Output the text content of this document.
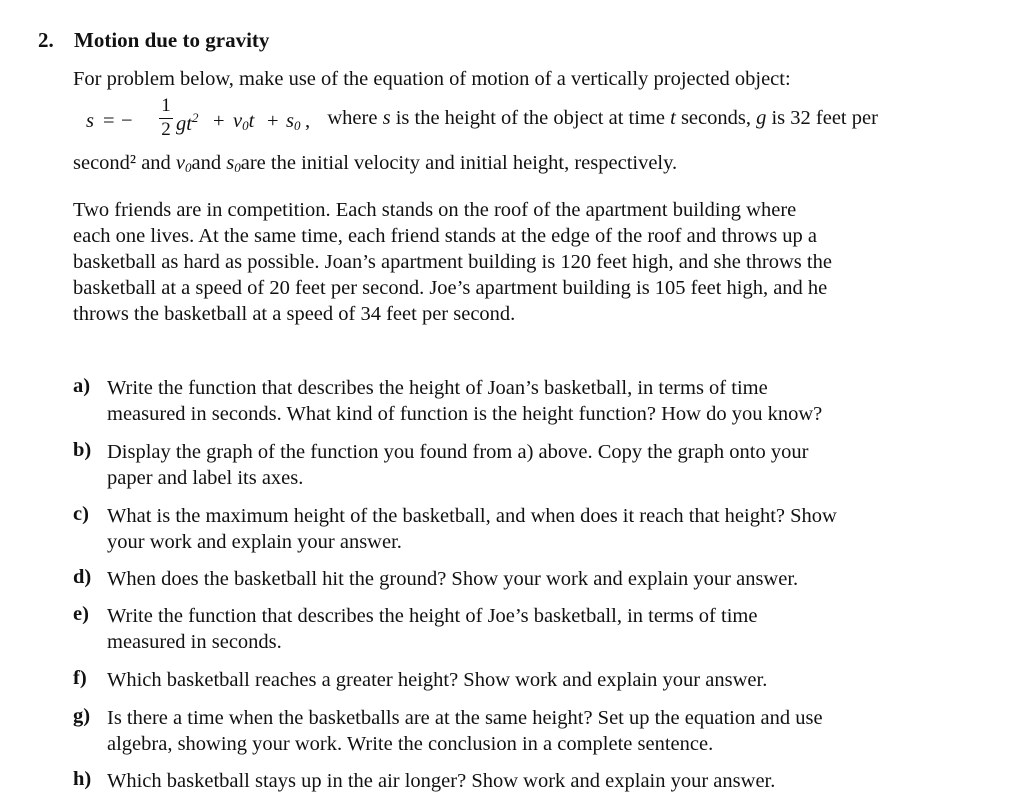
2. Motion due to gravity
For problem below, make use of the equation of motion of a vertically projected object:
s = −
1
2 $gt^2 + v_0t + s_0$ , where s is the height of the object at time t seconds, g is 32 feet per
second² and $v_0and$ $s_0are$ the initial velocity and initial height, respectively.
Two friends are in competition. Each stands on the roof of the apartment building where
each one lives. At the same time, each friend stands at the edge of the roof and throws up a
basketball as hard as possible. Joan’s apartment building is 120 feet high, and she throws the
basketball at a speed of 20 feet per second. Joe’s apartment building is 105 feet high, and he
throws the basketball at a speed of 34 feet per second.
a) Write the function that describes the height of Joan’s basketball, in terms of time
measured in seconds. What kind of function is the height function? How do you know?
b) Display the graph of the function you found from a) above. Copy the graph onto your
paper and label its axes.
c) What is the maximum height of the basketball, and when does it reach that height? Show
your work and explain your answer.
d) When does the basketball hit the ground? Show your work and explain your answer.
e) Write the function that describes the height of Joe’s basketball, in terms of time
measured in seconds.
f) Which basketball reaches a greater height? Show work and explain your answer.
g) Is there a time when the basketballs are at the same height? Set up the equation and use
algebra, showing your work. Write the conclusion in a complete sentence.
h) Which basketball stays up in the air longer? Show work and explain your answer.
